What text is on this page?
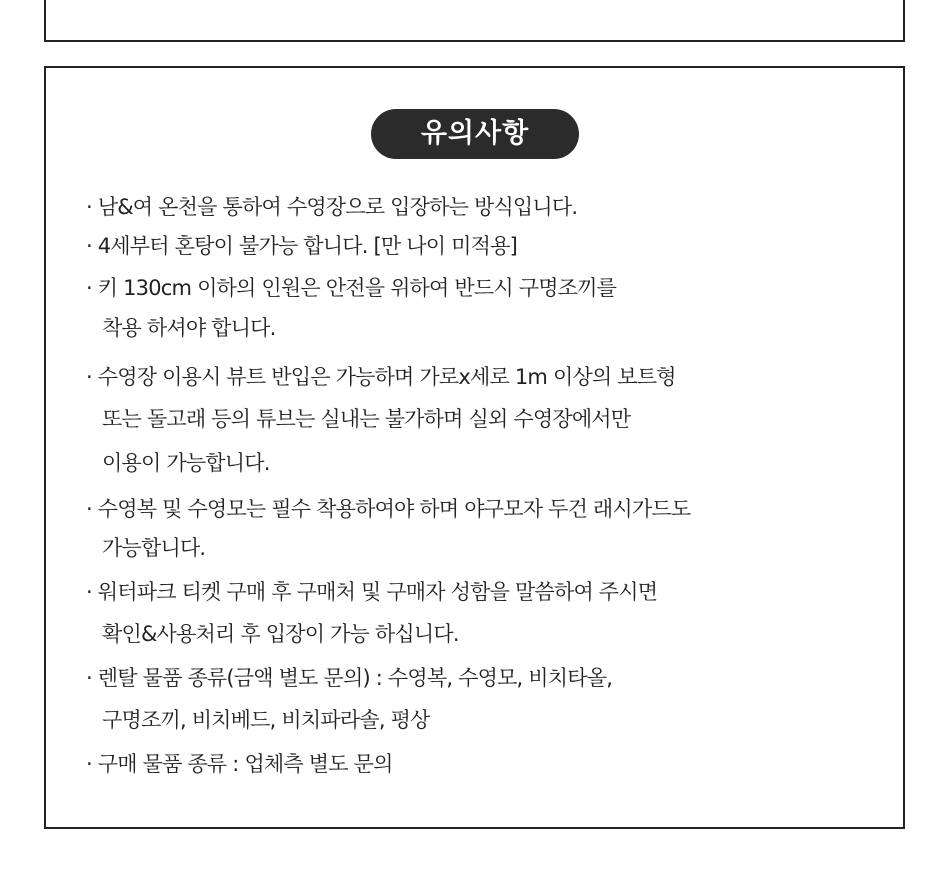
유의사항
· 남&여 온천을 통하여 수영장으로 입장하는 방식입니다.
· 4세부터 혼탕이 불가능 합니다. [만 나이 미적용]
· 키 130cm 이하의 인원은 안전을 위하여 반드시 구명조끼를
착용 하셔야 합니다.
· 수영장 이용시 뷰트 반입은 가능하며 가로x세로 1m 이상의 보트형
또는 돌고래 등의 튜브는 실내는 불가하며 실외 수영장에서만
이용이 가능합니다.
· 수영복 및 수영모는 필수 착용하여야 하며 야구모자 두건 래시가드도
가능합니다.
· 워터파크 티켓 구매 후 구매처 및 구매자 성함을 말씀하여 주시면
확인&사용처리 후 입장이 가능 하십니다.
· 렌탈 물품 종류(금액 별도 문의) : 수영복, 수영모, 비치타올,
구명조끼, 비치베드, 비치파라솔, 평상
· 구매 물품 종류 : 업체측 별도 문의
